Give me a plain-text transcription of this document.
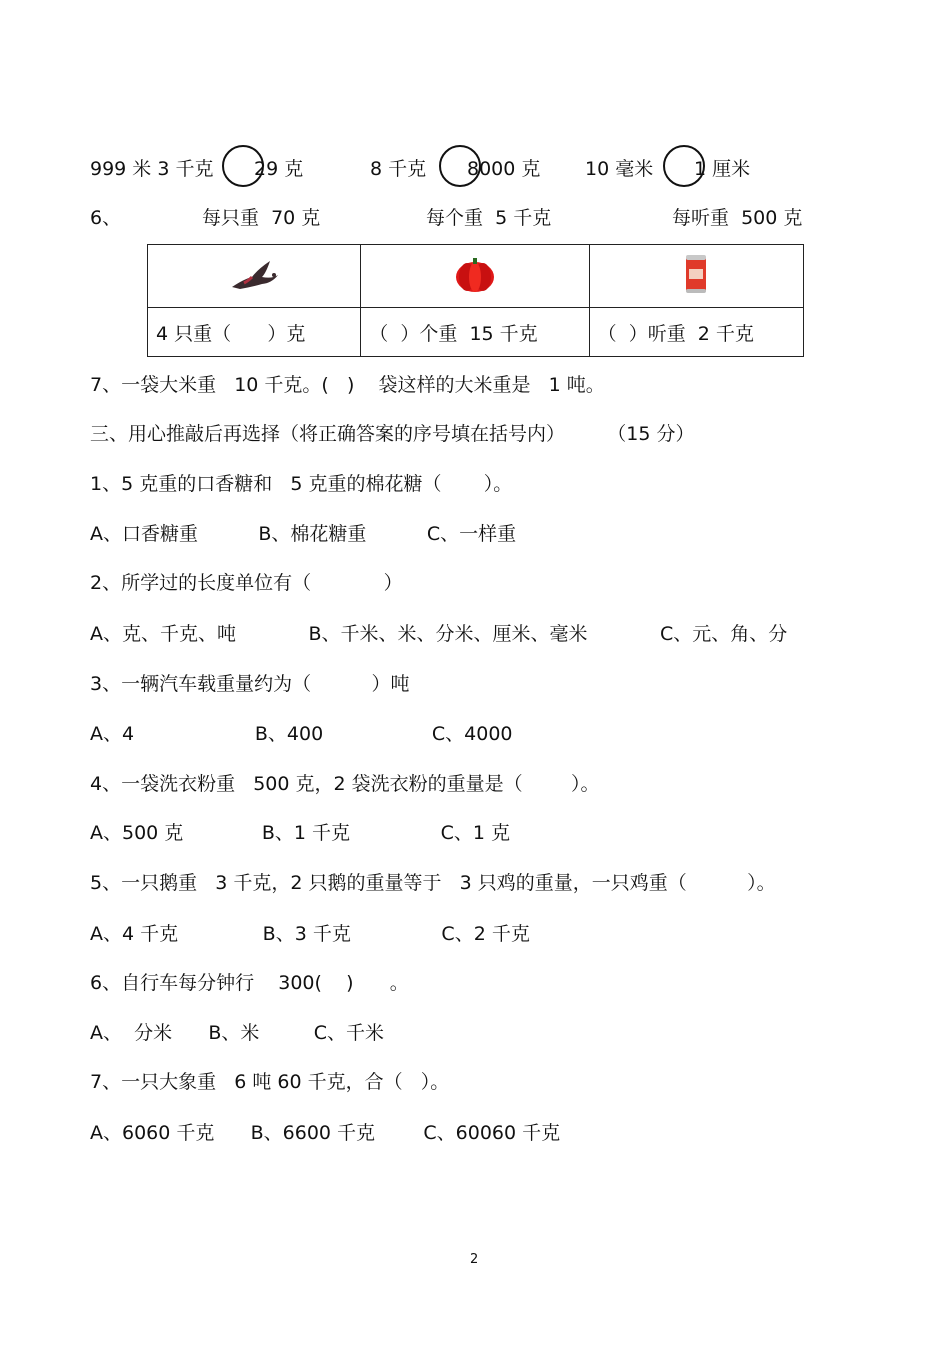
999 米 3 千克 29 克	8 千克 8000 克 10 毫米 1 厘米
6、	每只重  70 克	每个重  5 千克	每听重  500 克

4 只重（      ）克	（  ）个重  15 千克	（  ）听重  2 千克
7、一袋大米重   10 千克。(   )    袋这样的大米重是   1 吨。
三、用心推敲后再选择（将正确答案的序号填在括号内）       （15 分）
1、5 克重的口香糖和   5 克重的棉花糖（       ）。
A、口香糖重          B、棉花糖重          C、一样重
2、所学过的长度单位有（            ）
A、克、千克、吨            B、千米、米、分米、厘米、毫米            C、元、角、分
3、一辆汽车载重量约为（          ）吨
A、4                    B、400                  C、4000
4、一袋洗衣粉重   500 克，2 袋洗衣粉的重量是（        ）。
A、500 克             B、1 千克               C、1 克
5、一只鹅重   3 千克，2 只鹅的重量等于   3 只鸡的重量，一只鸡重（          ）。
A、4 千克              B、3 千克               C、2 千克
6、自行车每分钟行    300(    )      。
A、  分米      B、米         C、千米
7、一只大象重   6 吨 60 千克，合（   ）。
A、6060 千克      B、6600 千克        C、60060 千克
2
